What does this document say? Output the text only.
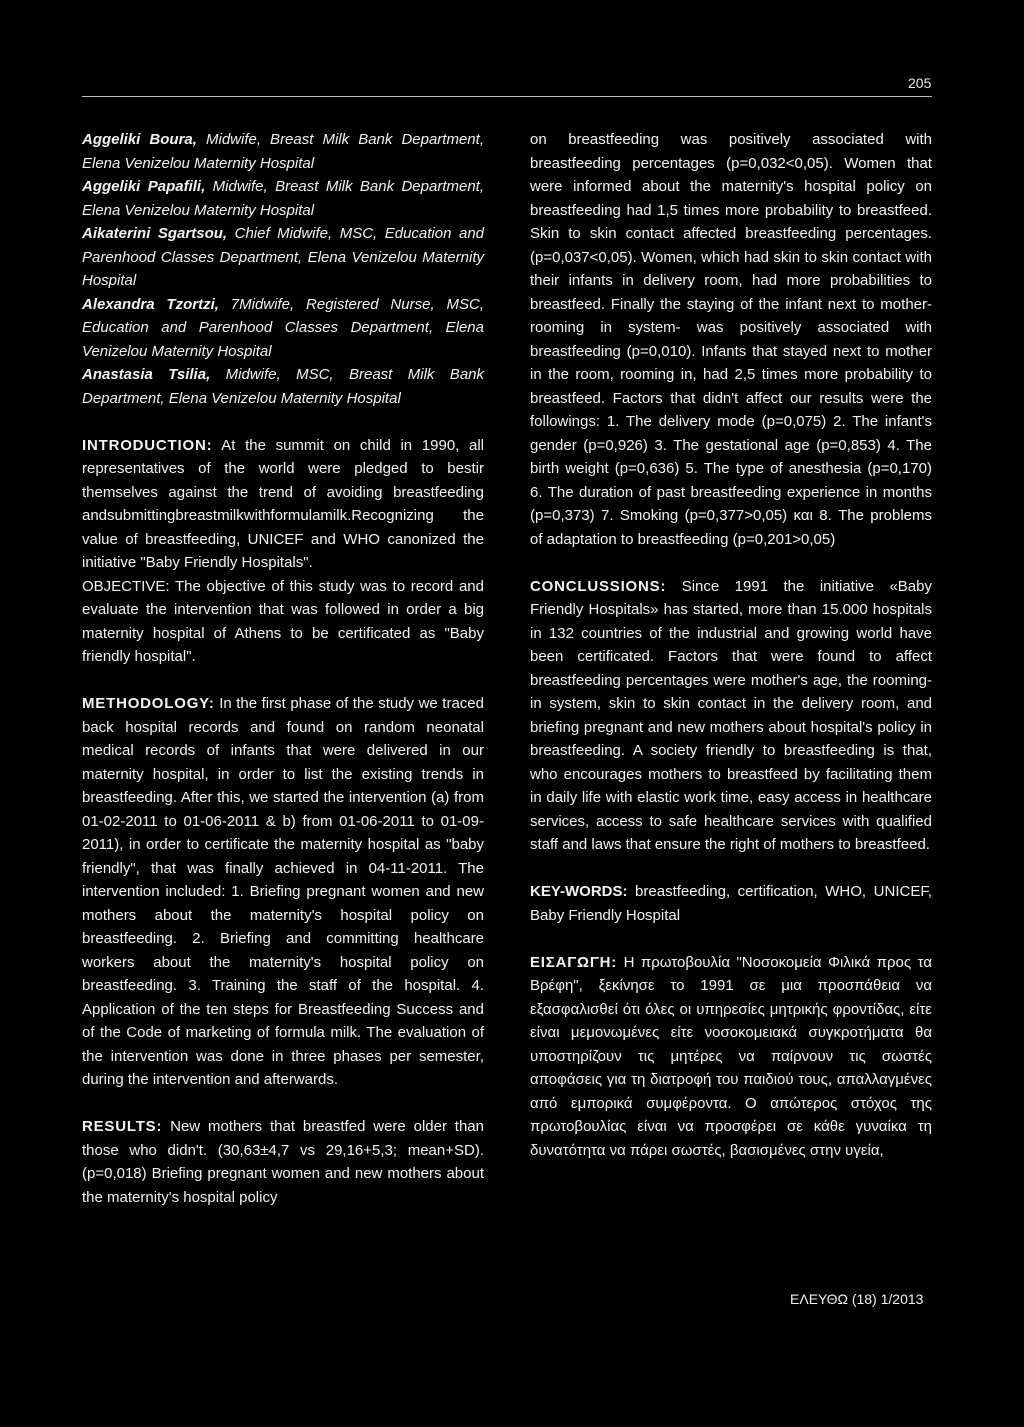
205

Aggeliki Boura, Midwife, Breast Milk Bank Department, Elena Venizelou Maternity Hospital

Aggeliki Papafili, Midwife, Breast Milk Bank Department, Elena Venizelou Maternity Hospital

Aikaterini Sgartsou, Chief Midwife, MSC, Education and Parenhood Classes Department, Elena Venizelou Maternity Hospital

Alexandra Tzortzi, 7Midwife, Registered Nurse, MSC, Education and Parenhood Classes Department, Elena Venizelou Maternity Hospital

Anastasia Tsilia, Midwife, MSC, Breast Milk Bank Department, Elena Venizelou Maternity Hospital

INTRODUCTION: At the summit on child in 1990, all representatives of the world were pledged to bestir themselves against the trend of avoiding breastfeeding andsubmittingbreastmilkwithformulamilk.Recognizing the value of breastfeeding, UNICEF and WHO canonized the initiative "Baby Friendly Hospitals".

OBJECTIVE: The objective of this study was to record and evaluate the intervention that was followed in order a big maternity hospital of Athens to be certificated as "Baby friendly hospital".

METHODOLOGY: In the first phase of the study we traced back hospital records and found on random neonatal medical records of infants that were delivered in our maternity hospital, in order to list the existing trends in breastfeeding. After this, we started the intervention (a) from 01-02-2011 to 01-06-2011 & b) from 01-06-2011 to 01-09-2011), in order to certificate the maternity hospital as "baby friendly", that was finally achieved in 04-11-2011. The intervention included: 1. Briefing pregnant women and new mothers about the maternity's hospital policy on breastfeeding. 2. Briefing and committing healthcare workers about the maternity's hospital policy on breastfeeding. 3. Training the staff of the hospital. 4. Application of the ten steps for Breastfeeding Success and of the Code of marketing of formula milk. The evaluation of the intervention was done in three phases per semester, during the intervention and afterwards.

RESULTS: New mothers that breastfed were older than those who didn't. (30,63±4,7 vs 29,16+5,3; mean+SD). (p=0,018) Briefing pregnant women and new mothers about the maternity's hospital policy

on breastfeeding was positively associated with breastfeeding percentages (p=0,032<0,05). Women that were informed about the maternity's hospital policy on breastfeeding had 1,5 times more probability to breastfeed. Skin to skin contact affected breastfeeding percentages. (p=0,037<0,05). Women, which had skin to skin contact with their infants in delivery room, had more probabilities to breastfeed. Finally the staying of the infant next to mother- rooming in system- was positively associated with breastfeeding (p=0,010). Infants that stayed next to mother in the room, rooming in, had 2,5 times more probability to breastfeed. Factors that didn't affect our results were the followings: 1. The delivery mode (p=0,075) 2. The infant's gender (p=0,926) 3. The gestational age (p=0,853) 4. The birth weight (p=0,636) 5. The type of anesthesia (p=0,170) 6. The duration of past breastfeeding experience in months (p=0,373) 7. Smoking (p=0,377>0,05) και 8. The problems of adaptation to breastfeeding (p=0,201>0,05)

CONCLUSSIONS: Since 1991 the initiative «Baby Friendly Hospitals» has started, more than 15.000 hospitals in 132 countries of the industrial and growing world have been certificated. Factors that were found to affect breastfeeding percentages were mother's age, the rooming-in system, skin to skin contact in the delivery room, and briefing pregnant and new mothers about hospital's policy in breastfeeding. A society friendly to breastfeeding is that, who encourages mothers to breastfeed by facilitating them in daily life with elastic work time, easy access in healthcare services, access to safe healthcare services with qualified staff and laws that ensure the right of mothers to breastfeed.

KEY-WORDS: breastfeeding, certification, WHO, UNICEF, Baby Friendly Hospital

ΕΙΣΑΓΩΓΗ: Η πρωτοβουλία "Νοσοκομεία Φιλικά προς τα Βρέφη", ξεκίνησε το 1991 σε μια προσπάθεια να εξασφαλισθεί ότι όλες οι υπηρεσίες μητρικής φροντίδας, είτε είναι μεμονωμένες είτε νοσοκομειακά συγκροτήματα θα υποστηρίζουν τις μητέρες να παίρνουν τις σωστές αποφάσεις για τη διατροφή του παιδιού τους, απαλλαγμένες από εμπορικά συμφέροντα. Ο απώτερος στόχος της πρωτοβουλίας είναι να προσφέρει σε κάθε γυναίκα τη δυνατότητα να πάρει σωστές, βασισμένες στην υγεία,

ΕΛΕΥΘΩ (18) 1/2013
